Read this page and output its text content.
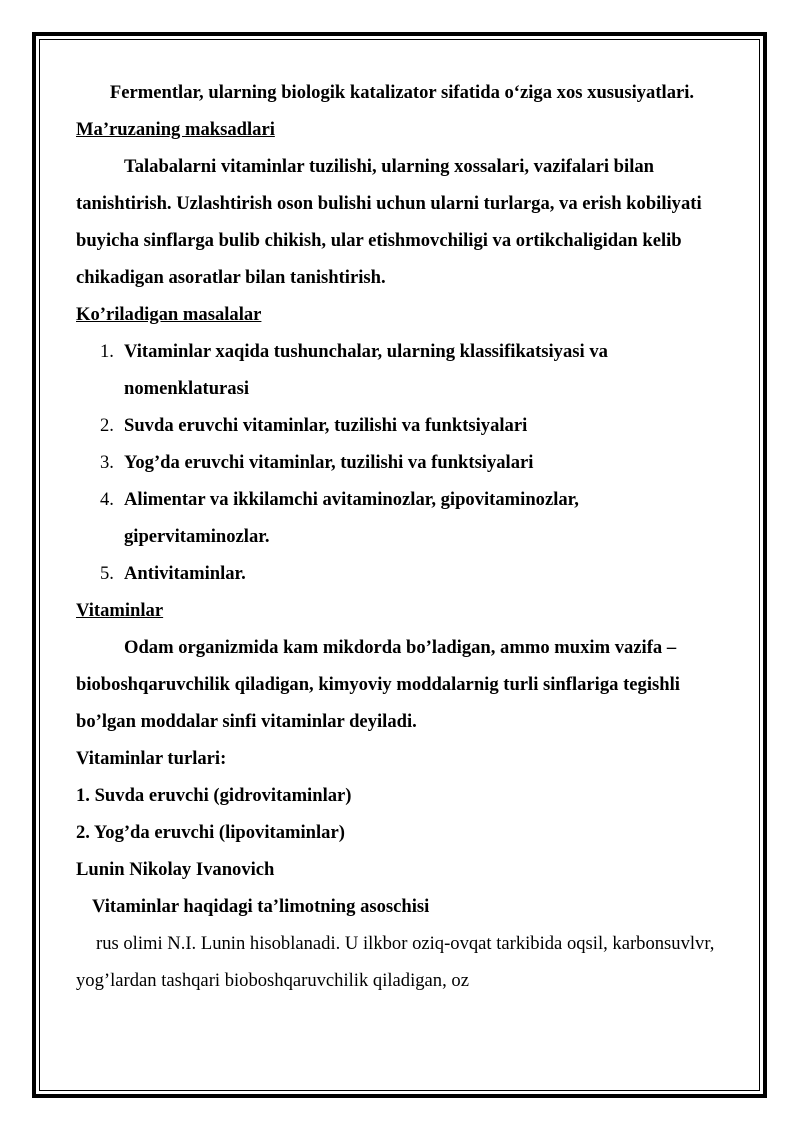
Fermentlar, ularning biologik katalizator sifatida o‘ziga xos xususiyatlari.

Ma’ruzaning maksadlari

Talabalarni vitaminlar tuzilishi, ularning xossalari, vazifalari bilan tanishtirish. Uzlashtirish oson bulishi uchun ularni turlarga, va erish kobiliyati buyicha sinflarga bulib chikish, ular etishmovchiligi va ortikchaligidan kelib chikadigan asoratlar bilan tanishtirish.

Ko’riladigan masalalar

1. Vitaminlar xaqida tushunchalar, ularning klassifikatsiyasi va nomenklaturasi
2. Suvda eruvchi vitaminlar, tuzilishi va funktsiyalari
3. Yog’da eruvchi vitaminlar, tuzilishi va funktsiyalari
4. Alimentar va ikkilamchi avitaminozlar, gipovitaminozlar, gipervitaminozlar.
5. Antivitaminlar.

Vitaminlar

Odam organizmida kam mikdorda bo’ladigan, ammo muxim vazifa – bioboshqaruvchilik qiladigan, kimyoviy moddalarnig turli sinflariga tegishli bo’lgan moddalar sinfi vitaminlar deyiladi.

Vitaminlar turlari:

1. Suvda eruvchi (gidrovitaminlar)

2. Yog’da eruvchi (lipovitaminlar)

Lunin Nikolay Ivanovich

Vitaminlar haqidagi ta’limotning asoschisi

rus olimi N.I. Lunin hisoblanadi. U ilkbor oziq-ovqat tarkibida oqsil, karbonsuvlvr, yog’lardan tashqari bioboshqaruvchilik qiladigan, oz
